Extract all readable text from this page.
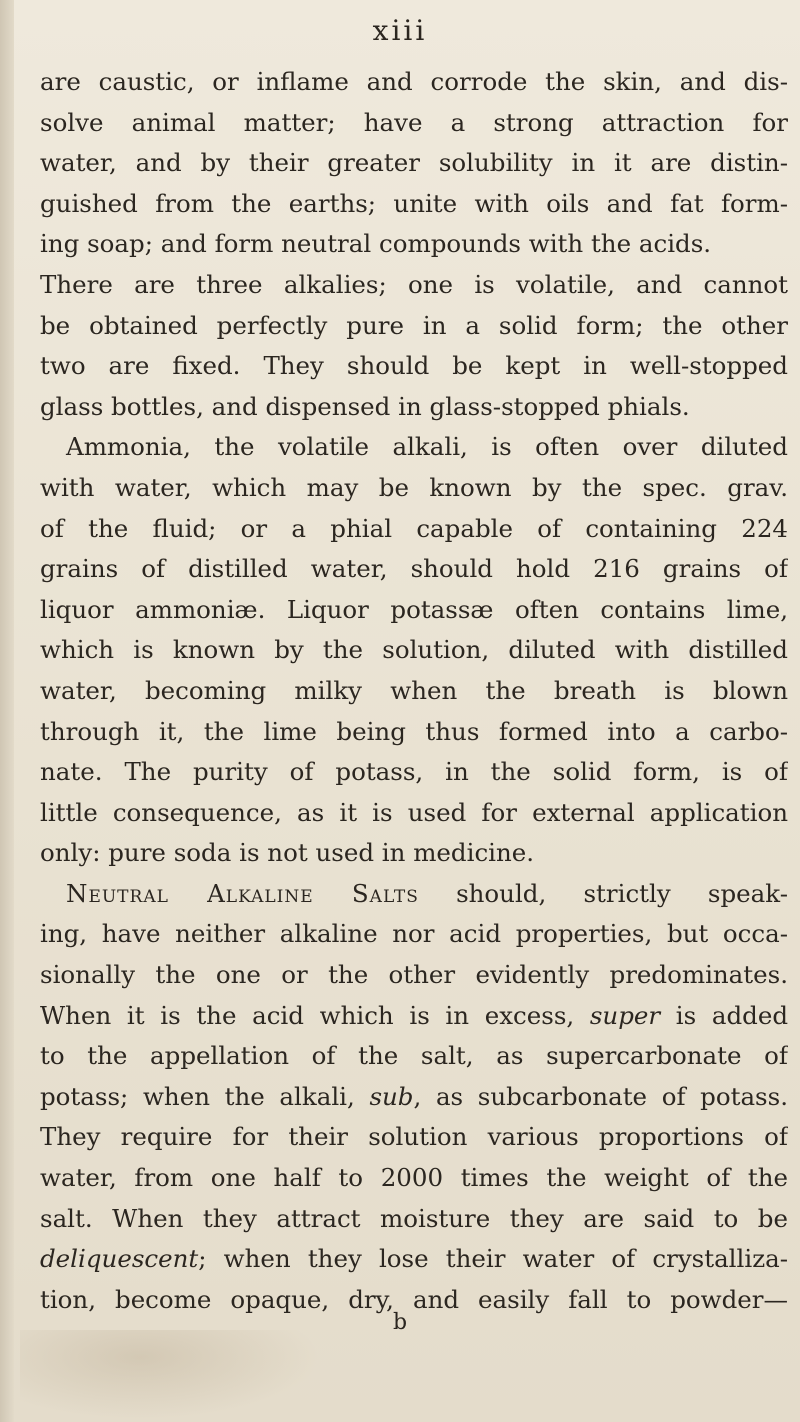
xiii
are caustic, or inflame and corrode the skin, and dis-
solve animal matter; have a strong attraction for
water, and by their greater solubility in it are distin-
guished from the earths; unite with oils and fat form-
ing soap; and form neutral compounds with the acids.
There are three alkalies; one is volatile, and cannot
be obtained perfectly pure in a solid form; the other
two are fixed. They should be kept in well-stopped
glass bottles, and dispensed in glass-stopped phials.
Ammonia, the volatile alkali, is often over diluted
with water, which may be known by the spec. grav.
of the fluid; or a phial capable of containing 224
grains of distilled water, should hold 216 grains of
liquor ammoniæ. Liquor potassæ often contains lime,
which is known by the solution, diluted with distilled
water, becoming milky when the breath is blown
through it, the lime being thus formed into a carbo-
nate. The purity of potass, in the solid form, is of
little consequence, as it is used for external application
only: pure soda is not used in medicine.
Neutral Alkaline Salts should, strictly speak-
ing, have neither alkaline nor acid properties, but occa-
sionally the one or the other evidently predominates.
When it is the acid which is in excess, super is added
to the appellation of the salt, as supercarbonate of
potass; when the alkali, sub, as subcarbonate of potass.
They require for their solution various proportions of
water, from one half to 2000 times the weight of the
salt. When they attract moisture they are said to be
deliquescent; when they lose their water of crystalliza-
tion, become opaque, dry, and easily fall to powder—
b
